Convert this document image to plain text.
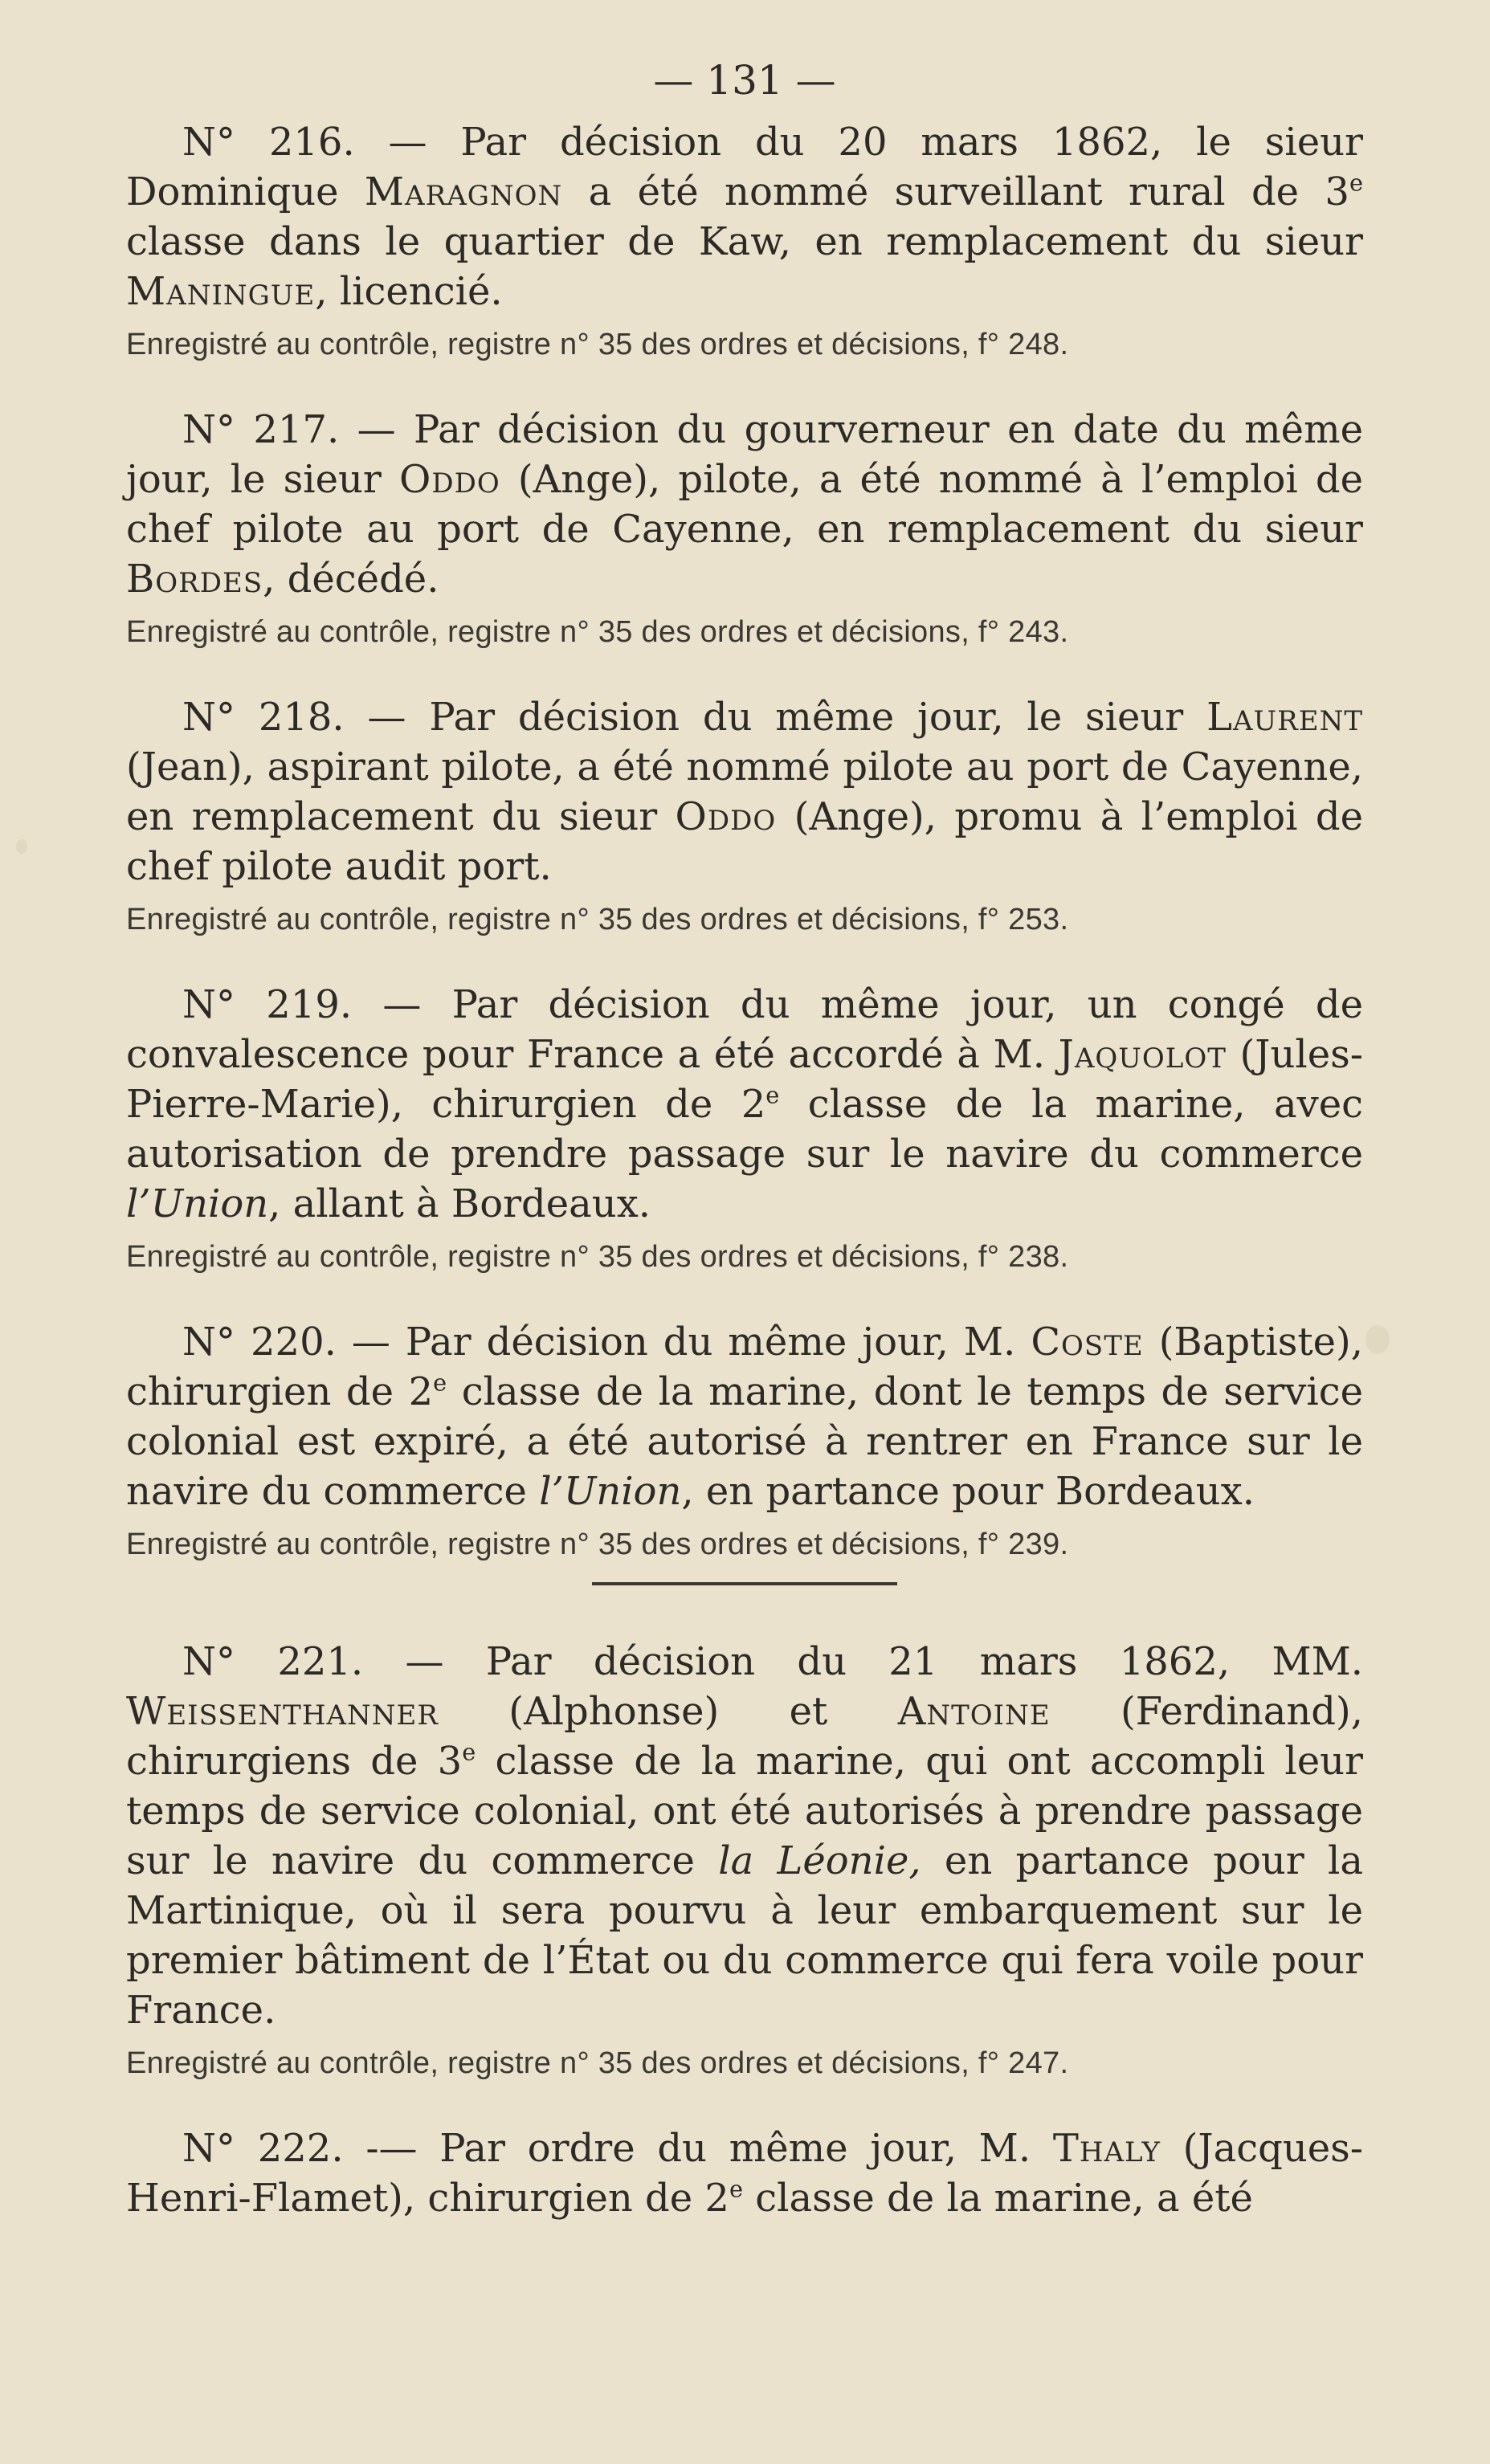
— 131 —

N° 216. — Par décision du 20 mars 1862, le sieur Dominique Maragnon a été nommé surveillant rural de 3e classe dans le quartier de Kaw, en remplacement du sieur Maningue, licencié.

Enregistré au contrôle, registre n° 35 des ordres et décisions, f° 248.

N° 217. — Par décision du gourverneur en date du même jour, le sieur Oddo (Ange), pilote, a été nommé à l’emploi de chef pilote au port de Cayenne, en remplacement du sieur Bordes, décédé.

Enregistré au contrôle, registre n° 35 des ordres et décisions, f° 243.

N° 218. — Par décision du même jour, le sieur Laurent (Jean), aspirant pilote, a été nommé pilote au port de Cayenne, en remplacement du sieur Oddo (Ange), promu à l’emploi de chef pilote audit port.

Enregistré au contrôle, registre n° 35 des ordres et décisions, f° 253.

N° 219. — Par décision du même jour, un congé de convalescence pour France a été accordé à M. Jaquolot (Jules-Pierre-Marie), chirurgien de 2e classe de la marine, avec autorisation de prendre passage sur le navire du commerce l’Union, allant à Bordeaux.

Enregistré au contrôle, registre n° 35 des ordres et décisions, f° 238.

N° 220. — Par décision du même jour, M. Coste (Baptiste), chirurgien de 2e classe de la marine, dont le temps de service colonial est expiré, a été autorisé à rentrer en France sur le navire du commerce l’Union, en partance pour Bordeaux.

Enregistré au contrôle, registre n° 35 des ordres et décisions, f° 239.

N° 221. — Par décision du 21 mars 1862, MM. Weissenthanner (Alphonse) et Antoine (Ferdinand), chirurgiens de 3e classe de la marine, qui ont accompli leur temps de service colonial, ont été autorisés à prendre passage sur le navire du commerce la Léonie, en partance pour la Martinique, où il sera pourvu à leur embarquement sur le premier bâtiment de l’État ou du commerce qui fera voile pour France.

Enregistré au contrôle, registre n° 35 des ordres et décisions, f° 247.

N° 222. -— Par ordre du même jour, M. Thaly (Jacques-Henri-Flamet), chirurgien de 2e classe de la marine, a été
